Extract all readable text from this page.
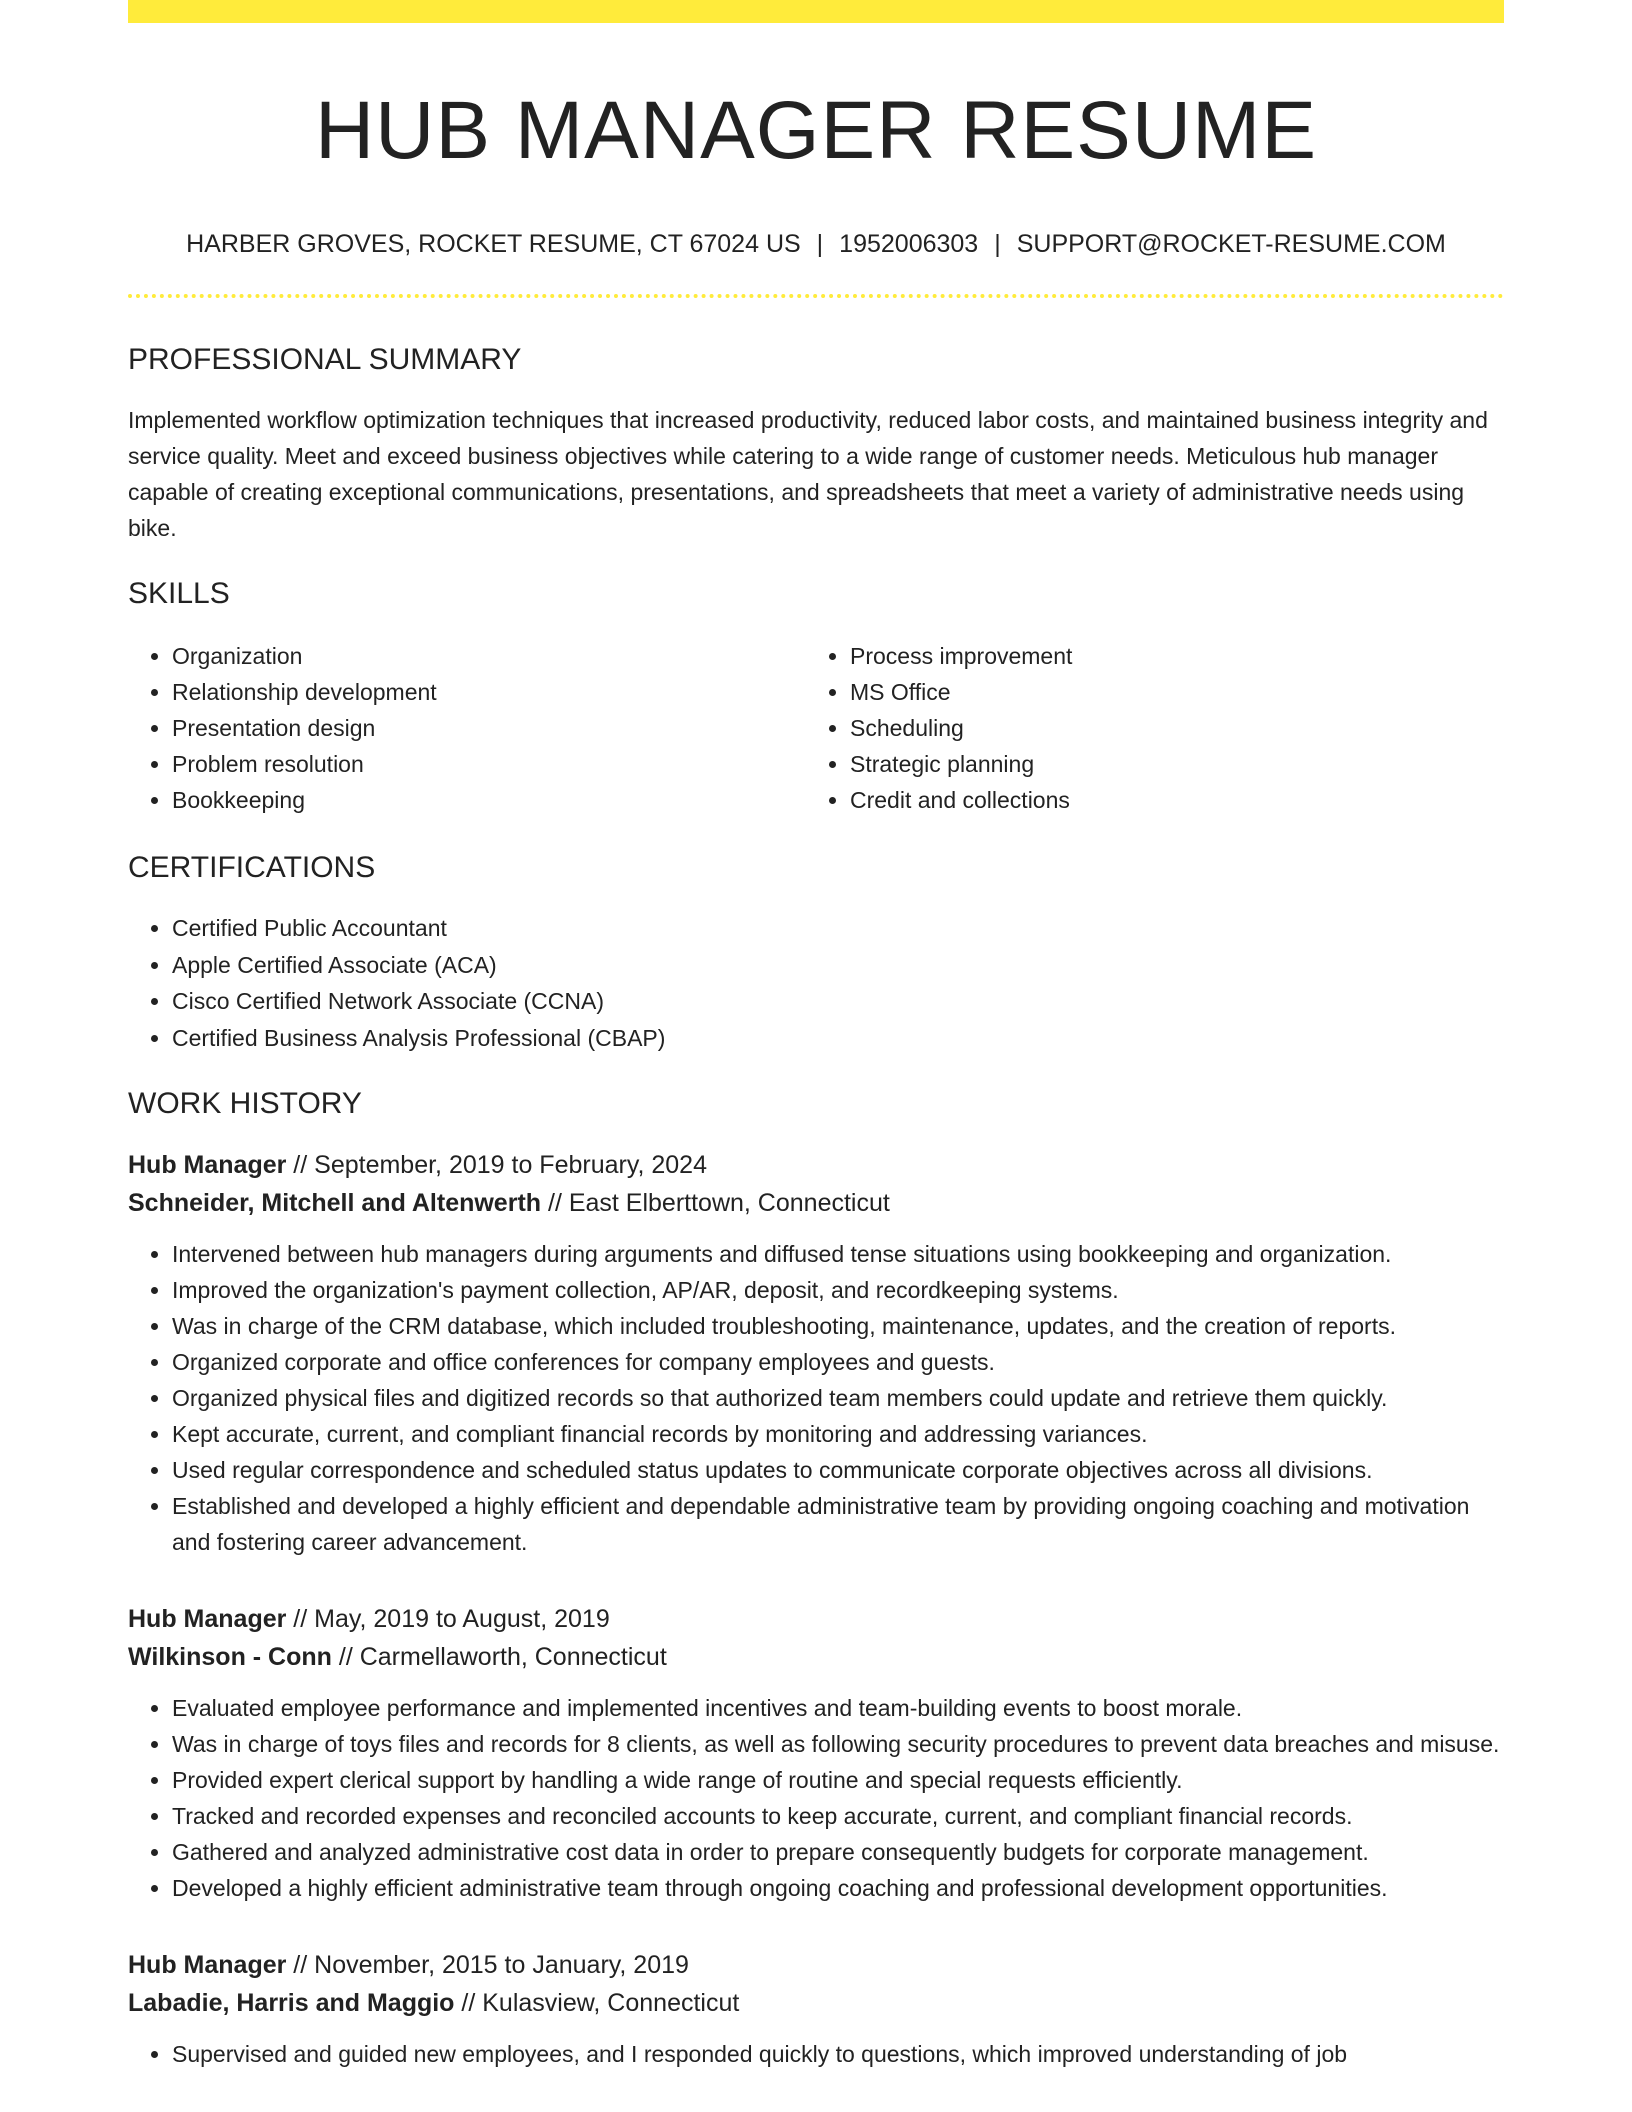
HUB MANAGER RESUME
HARBER GROVES, ROCKET RESUME, CT 67024 US | 1952006303 | SUPPORT@ROCKET-RESUME.COM
PROFESSIONAL SUMMARY
Implemented workflow optimization techniques that increased productivity, reduced labor costs, and maintained business integrity and service quality. Meet and exceed business objectives while catering to a wide range of customer needs. Meticulous hub manager capable of creating exceptional communications, presentations, and spreadsheets that meet a variety of administrative needs using bike.
SKILLS
• Organization
• Relationship development
• Presentation design
• Problem resolution
• Bookkeeping
• Process improvement
• MS Office
• Scheduling
• Strategic planning
• Credit and collections
CERTIFICATIONS
• Certified Public Accountant
• Apple Certified Associate (ACA)
• Cisco Certified Network Associate (CCNA)
• Certified Business Analysis Professional (CBAP)
WORK HISTORY
Hub Manager // September, 2019 to February, 2024
Schneider, Mitchell and Altenwerth // East Elberttown, Connecticut
• Intervened between hub managers during arguments and diffused tense situations using bookkeeping and organization.
• Improved the organization's payment collection, AP/AR, deposit, and recordkeeping systems.
• Was in charge of the CRM database, which included troubleshooting, maintenance, updates, and the creation of reports.
• Organized corporate and office conferences for company employees and guests.
• Organized physical files and digitized records so that authorized team members could update and retrieve them quickly.
• Kept accurate, current, and compliant financial records by monitoring and addressing variances.
• Used regular correspondence and scheduled status updates to communicate corporate objectives across all divisions.
• Established and developed a highly efficient and dependable administrative team by providing ongoing coaching and motivation and fostering career advancement.
Hub Manager // May, 2019 to August, 2019
Wilkinson - Conn // Carmellaworth, Connecticut
• Evaluated employee performance and implemented incentives and team-building events to boost morale.
• Was in charge of toys files and records for 8 clients, as well as following security procedures to prevent data breaches and misuse.
• Provided expert clerical support by handling a wide range of routine and special requests efficiently.
• Tracked and recorded expenses and reconciled accounts to keep accurate, current, and compliant financial records.
• Gathered and analyzed administrative cost data in order to prepare consequently budgets for corporate management.
• Developed a highly efficient administrative team through ongoing coaching and professional development opportunities.
Hub Manager // November, 2015 to January, 2019
Labadie, Harris and Maggio // Kulasview, Connecticut
• Supervised and guided new employees, and I responded quickly to questions, which improved understanding of job
